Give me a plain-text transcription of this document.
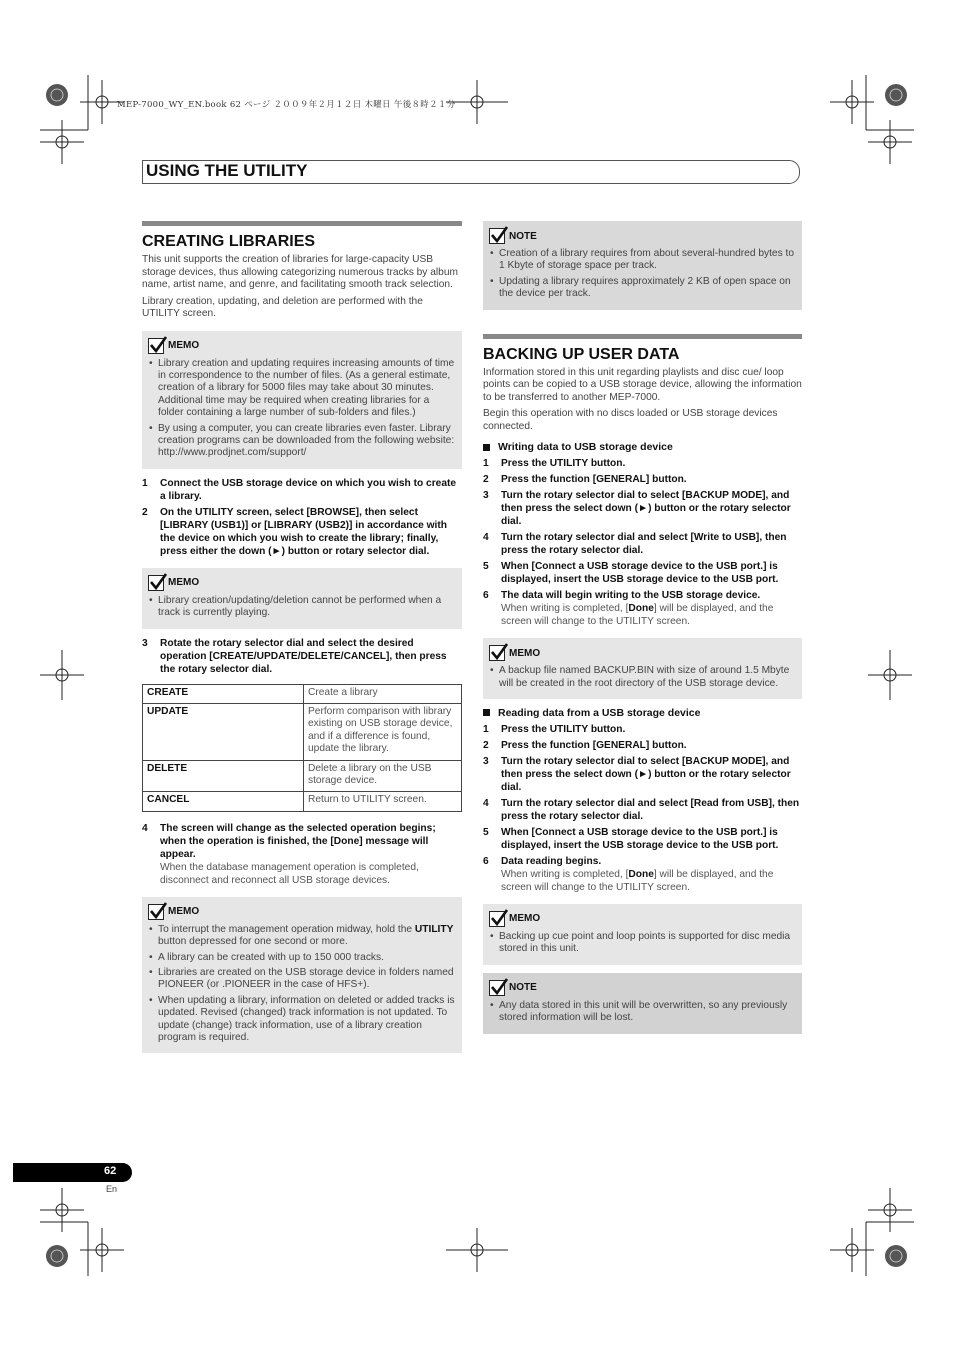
MEP-7000_WY_EN.book 62 ページ ２００９年２月１２日 木曜日 午後８時２１分
USING THE UTILITY
CREATING LIBRARIES

This unit supports the creation of libraries for large-capacity USB storage devices, thus allowing categorizing numerous tracks by album name, artist name, and genre, and facilitating smooth track selection.

Library creation, updating, and deletion are performed with the UTILITY screen.

MEMO
• Library creation and updating requires increasing amounts of time in correspondence to the number of files. (As a general estimate, creation of a library for 5000 files may take about 30 minutes. Additional time may be required when creating libraries for a folder containing a large number of sub-folders and files.)
• By using a computer, you can create libraries even faster. Library creation programs can be downloaded from the following website: http://www.prodjnet.com/support/
1	Connect the USB storage device on which you wish to create a library.
2	On the UTILITY screen, select [BROWSE], then select [LIBRARY (USB1)] or [LIBRARY (USB2)] in accordance with the device on which you wish to create the library; finally, press either the down (►) button or rotary selector dial.
MEMO
• Library creation/updating/deletion cannot be performed when a track is currently playing.
3	Rotate the rotary selector dial and select the desired operation [CREATE/UPDATE/DELETE/CANCEL], then press the rotary selector dial.
CREATE	Create a library
UPDATE	Perform comparison with library existing on USB storage device, and if a difference is found, update the library.
DELETE	Delete a library on the USB storage device.
CANCEL	Return to UTILITY screen.
4	The screen will change as the selected operation begins; when the operation is finished, the [Done] message will appear.
When the database management operation is completed, disconnect and reconnect all USB storage devices.
MEMO
• To interrupt the management operation midway, hold the UTILITY button depressed for one second or more.
• A library can be created with up to 150 000 tracks.
• Libraries are created on the USB storage device in folders named PIONEER (or .PIONEER in the case of HFS+).
• When updating a library, information on deleted or added tracks is updated. Revised (changed) track information is not updated. To update (change) track information, use of a library creation program is required.
NOTE
• Creation of a library requires from about several-hundred bytes to 1 Kbyte of storage space per track.
• Updating a library requires approximately 2 KB of open space on the device per track.
BACKING UP USER DATA

Information stored in this unit regarding playlists and disc cue/ loop points can be copied to a USB storage device, allowing the information to be transferred to another MEP-7000.

Begin this operation with no discs loaded or USB storage devices connected.

Writing data to USB storage device
1	Press the UTILITY button.
2	Press the function [GENERAL] button.
3	Turn the rotary selector dial to select [BACKUP MODE], and then press the select down (►) button or the rotary selector dial.
4	Turn the rotary selector dial and select [Write to USB], then press the rotary selector dial.
5	When [Connect a USB storage device to the USB port.] is displayed, insert the USB storage device to the USB port.
6	The data will begin writing to the USB storage device.
When writing is completed, [Done] will be displayed, and the screen will change to the UTILITY screen.
MEMO
• A backup file named BACKUP.BIN with size of around 1.5 Mbyte will be created in the root directory of the USB storage device.
Reading data from a USB storage device
1	Press the UTILITY button.
2	Press the function [GENERAL] button.
3	Turn the rotary selector dial to select [BACKUP MODE], and then press the select down (►) button or the rotary selector dial.
4	Turn the rotary selector dial and select [Read from USB], then press the rotary selector dial.
5	When [Connect a USB storage device to the USB port.] is displayed, insert the USB storage device to the USB port.
6	Data reading begins.
When writing is completed, [Done] will be displayed, and the screen will change to the UTILITY screen.
MEMO
• Backing up cue point and loop points is supported for disc media stored in this unit.
NOTE
• Any data stored in this unit will be overwritten, so any previously stored information will be lost.
62
En
